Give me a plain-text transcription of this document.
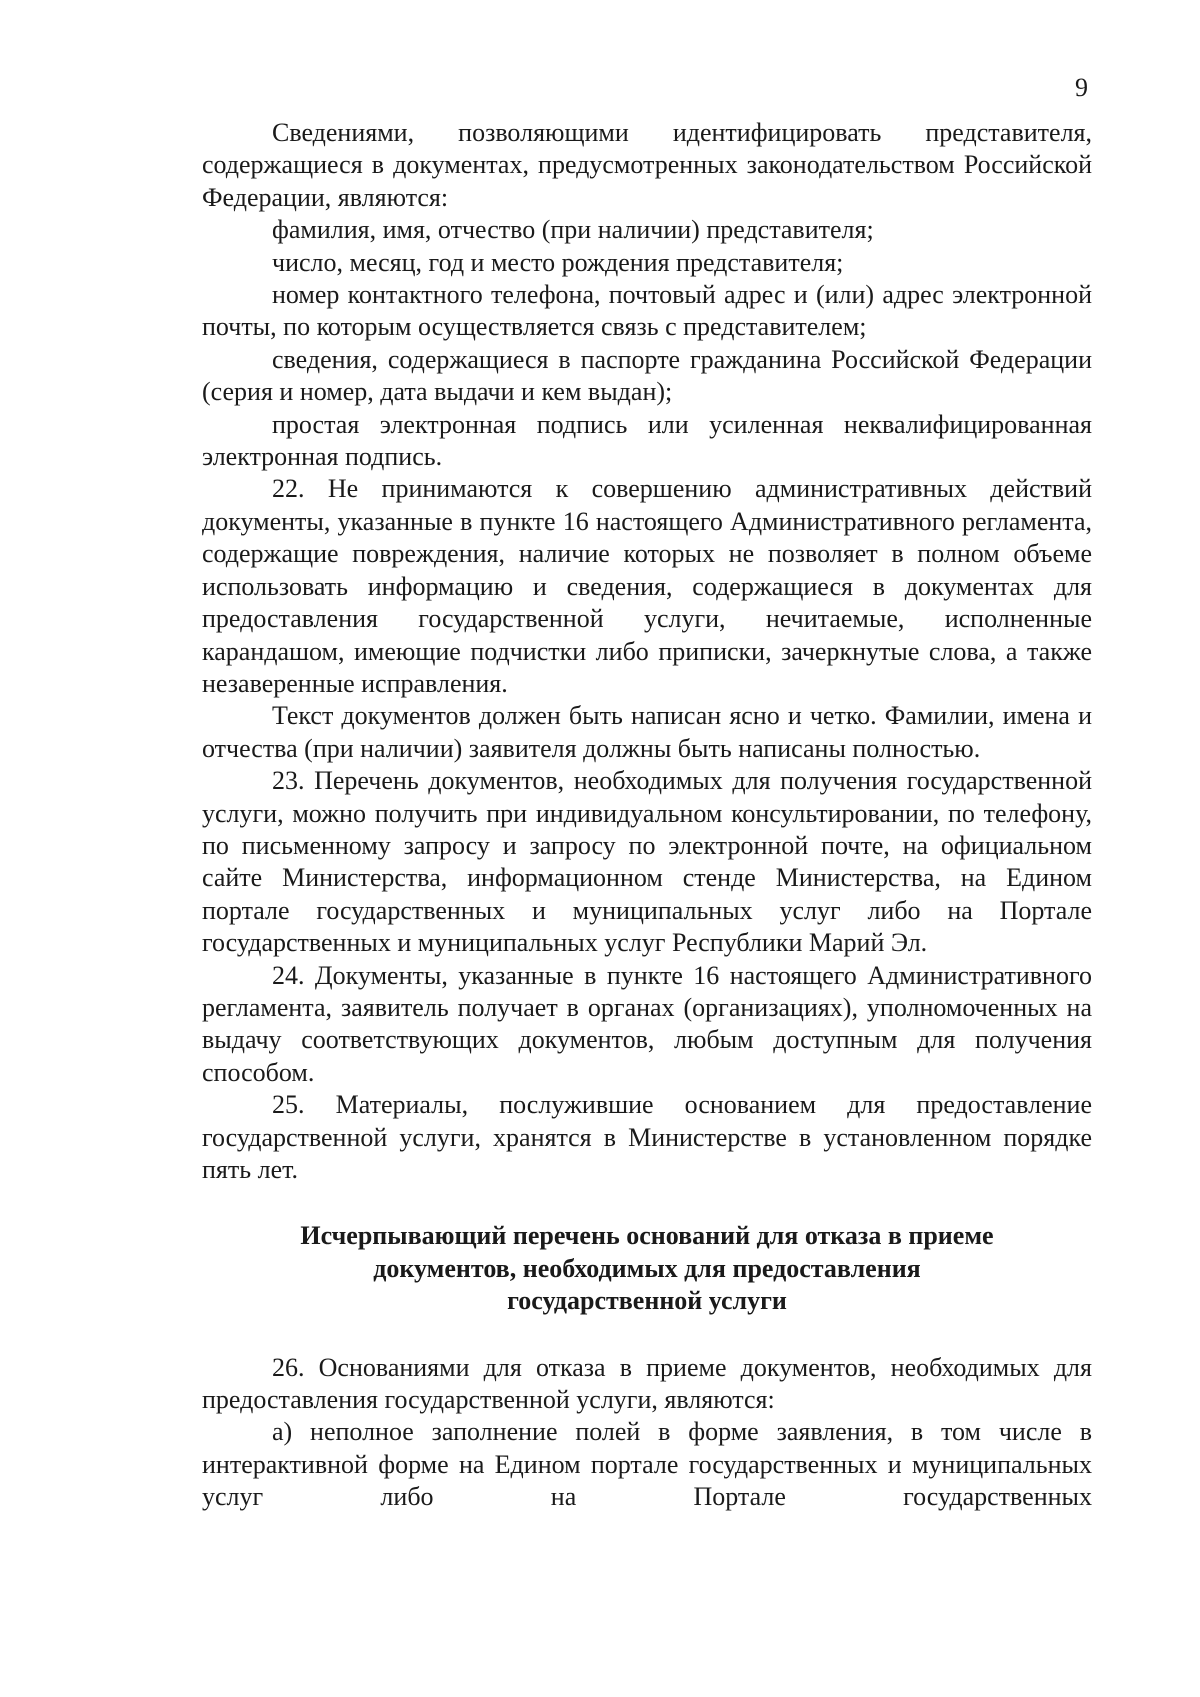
9

Сведениями, позволяющими идентифицировать представителя, содержащиеся в документах, предусмотренных законодательством Российской Федерации, являются:

фамилия, имя, отчество (при наличии) представителя;

число, месяц, год и место рождения представителя;

номер контактного телефона, почтовый адрес и (или) адрес электронной почты, по которым осуществляется связь с представителем;

сведения, содержащиеся в паспорте гражданина Российской Федерации (серия и номер, дата выдачи и кем выдан);

простая электронная подпись или усиленная неквалифицированная электронная подпись.

22. Не принимаются к совершению административных действий документы, указанные в пункте 16 настоящего Административного регламента, содержащие повреждения, наличие которых не позволяет в полном объеме использовать информацию и сведения, содержащиеся в документах для предоставления государственной услуги, нечитаемые, исполненные карандашом, имеющие подчистки либо приписки, зачеркнутые слова, а также незаверенные исправления.

Текст документов должен быть написан ясно и четко. Фамилии, имена и отчества (при наличии) заявителя должны быть написаны полностью.

23. Перечень документов, необходимых для получения государственной услуги, можно получить при индивидуальном консультировании, по телефону, по письменному запросу и запросу по электронной почте, на официальном сайте Министерства, информационном стенде Министерства, на Едином портале государственных и муниципальных услуг либо на Портале государственных и муниципальных услуг Республики Марий Эл.

24. Документы, указанные в пункте 16 настоящего Административного регламента, заявитель получает в органах (организациях), уполномоченных на выдачу соответствующих документов, любым доступным для получения способом.

25. Материалы, послужившие основанием для предоставление государственной услуги, хранятся в Министерстве в установленном порядке пять лет.

Исчерпывающий перечень оснований для отказа в приеме
документов, необходимых для предоставления
государственной услуги

26. Основаниями для отказа в приеме документов, необходимых для предоставления государственной услуги, являются:

а) неполное заполнение полей в форме заявления, в том числе в интерактивной форме на Едином портале государственных и муниципальных услуг либо на Портале государственных
